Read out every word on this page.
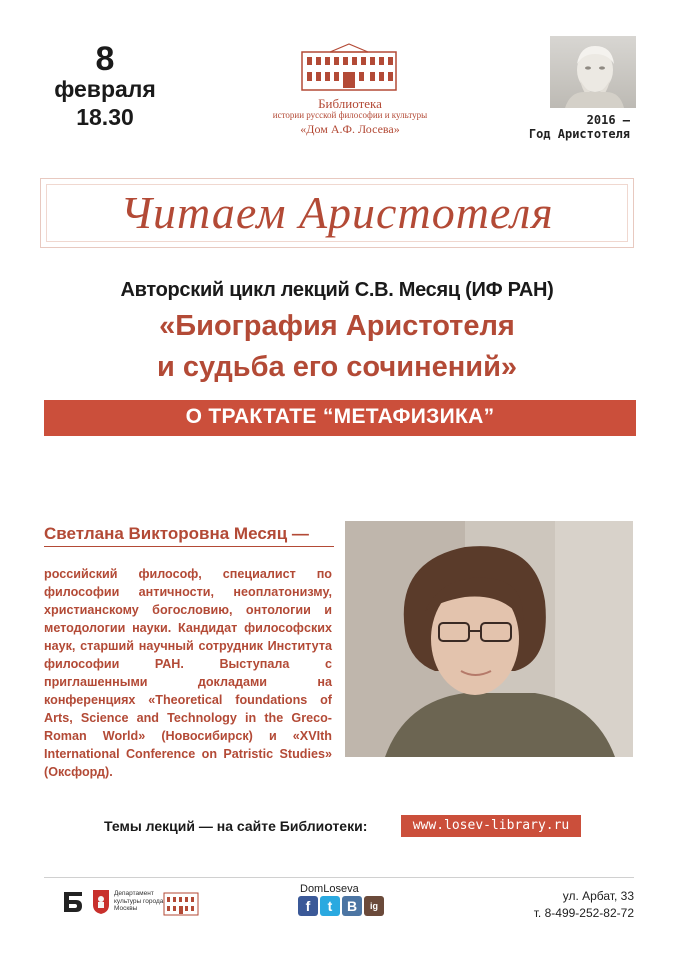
8
февраля
18.30
Библиотека
истории русской философии и культуры
«Дом А.Ф. Лосева»
2016 –
Год Аристотеля
Читаем Аристотеля
Авторский цикл лекций С.В. Месяц (ИФ РАН)
«Биография Аристотеля
и судьба его сочинений»
О ТРАКТАТЕ “МЕТАФИЗИКА”
Светлана Викторовна Месяц —
российский философ, специалист по философии античности, неоплатонизму, христианскому богословию, онтологии и методологии науки. Кандидат философских наук, старший научный сотрудник Института философии РАН. Выступала с приглашенными докладами на конференциях «Theoretical foundations of Arts, Science and Technology in the Greco-Roman World» (Новосибирск) и «XVIth International Conference on Patristic Studies» (Оксфорд).
Темы лекций — на сайте Библиотеки:	www.losev-library.ru
Департамент культуры города Москвы
DomLoseva
f	t	B	ig
ул. Арбат, 33
т. 8-499-252-82-72
